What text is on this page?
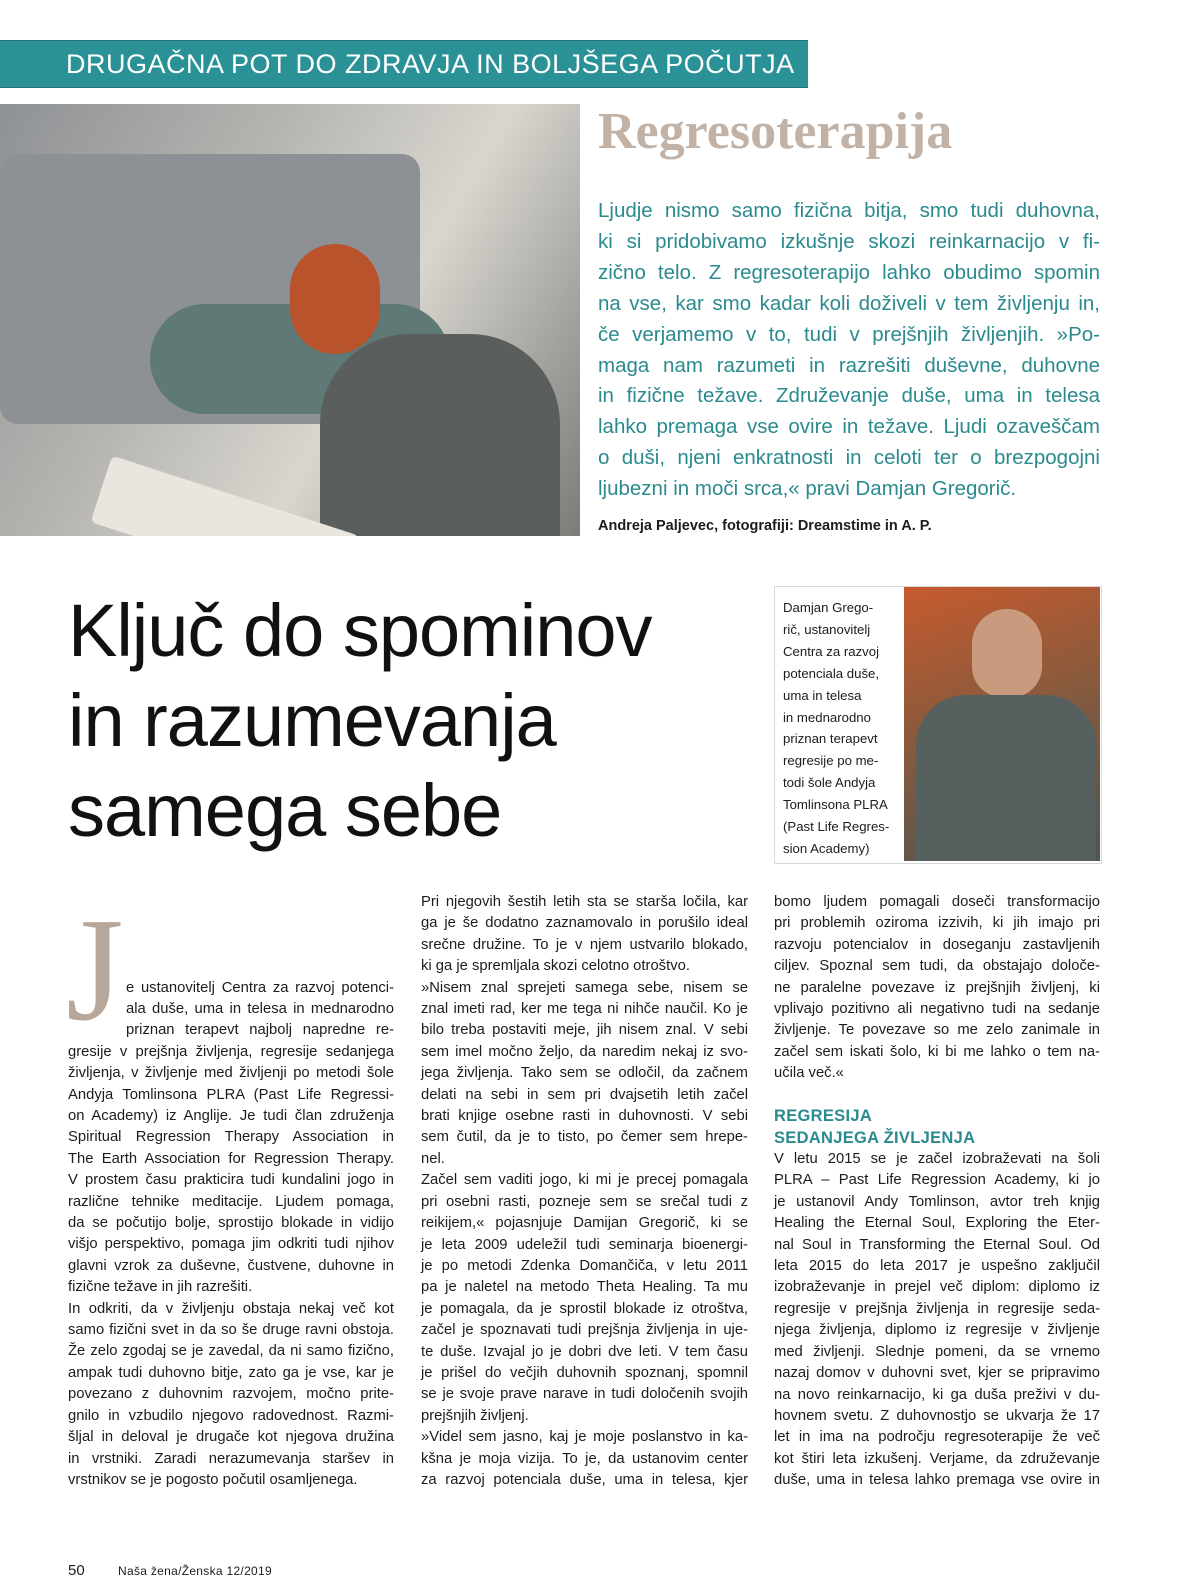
DRUGAČNA POT DO ZDRAVJA IN BOLJŠEGA POČUTJA
Regresoterapija

Ljudje nismo samo fizična bitja, smo tudi duhovna,
ki si pridobivamo izkušnje skozi reinkarnacijo v fi-
zično telo. Z regresoterapijo lahko obudimo spomin
na vse, kar smo kadar koli doživeli v tem življenju in,
če verjamemo v to, tudi v prejšnjih življenjih. »Po-
maga nam razumeti in razrešiti duševne, duhovne
in fizične težave. Združevanje duše, uma in telesa
lahko premaga vse ovire in težave. Ljudi ozaveščam
o duši, njeni enkratnosti in celoti ter o brezpogojni
ljubezni in moči srca,« pravi Damjan Gregorič.

Andreja Paljevec, fotografiji: Dreamstime in A. P.
Ključ do spominov
in razumevanja
samega sebe
Damjan Grego-
rič, ustanovitelj
Centra za razvoj
potenciala duše,
uma in telesa
in mednarodno
priznan terapevt
regresije po me-
todi šole Andyja
Tomlinsona PLRA
(Past Life Regres-
sion Academy)
J e ustanovitelj Centra za razvoj potenci-
ala duše, uma in telesa in mednarodno
priznan terapevt najbolj napredne re-
gresije v prejšnja življenja, regresije sedanjega
življenja, v življenje med življenji po metodi šole
Andyja Tomlinsona PLRA (Past Life Regressi-
on Academy) iz Anglije. Je tudi član združenja
Spiritual Regression Therapy Association in
The Earth Association for Regression Therapy.
V prostem času prakticira tudi kundalini jogo in
različne tehnike meditacije. Ljudem pomaga,
da se počutijo bolje, sprostijo blokade in vidijo
višjo perspektivo, pomaga jim odkriti tudi njihov
glavni vzrok za duševne, čustvene, duhovne in
fizične težave in jih razrešiti.
In odkriti, da v življenju obstaja nekaj več kot
samo fizični svet in da so še druge ravni obstoja.
Že zelo zgodaj se je zavedal, da ni samo fizično,
ampak tudi duhovno bitje, zato ga je vse, kar je
povezano z duhovnim razvojem, močno prite-
gnilo in vzbudilo njegovo radovednost. Razmi-
šljal in deloval je drugače kot njegova družina
in vrstniki. Zaradi nerazumevanja staršev in
vrstnikov se je pogosto počutil osamljenega.
Pri njegovih šestih letih sta se starša ločila, kar
ga je še dodatno zaznamovalo in porušilo ideal
srečne družine. To je v njem ustvarilo blokado,
ki ga je spremljala skozi celotno otroštvo.
»Nisem znal sprejeti samega sebe, nisem se
znal imeti rad, ker me tega ni nihče naučil. Ko je
bilo treba postaviti meje, jih nisem znal. V sebi
sem imel močno željo, da naredim nekaj iz svo-
jega življenja. Tako sem se odločil, da začnem
delati na sebi in sem pri dvajsetih letih začel
brati knjige osebne rasti in duhovnosti. V sebi
sem čutil, da je to tisto, po čemer sem hrepe-
nel.
Začel sem vaditi jogo, ki mi je precej pomagala
pri osebni rasti, pozneje sem se srečal tudi z
reikijem,« pojasnjuje Damijan Gregorič, ki se
je leta 2009 udeležil tudi seminarja bioenergi-
je po metodi Zdenka Domančiča, v letu 2011
pa je naletel na metodo Theta Healing. Ta mu
je pomagala, da je sprostil blokade iz otroštva,
začel je spoznavati tudi prejšnja življenja in uje-
te duše. Izvajal jo je dobri dve leti. V tem času
je prišel do večjih duhovnih spoznanj, spomnil
se je svoje prave narave in tudi določenih svojih
prejšnjih življenj.
»Videl sem jasno, kaj je moje poslanstvo in ka-
kšna je moja vizija. To je, da ustanovim center
za razvoj potenciala duše, uma in telesa, kjer
bomo ljudem pomagali doseči transformacijo
pri problemih oziroma izzivih, ki jih imajo pri
razvoju potencialov in doseganju zastavljenih
ciljev. Spoznal sem tudi, da obstajajo določe-
ne paralelne povezave iz prejšnjih življenj, ki
vplivajo pozitivno ali negativno tudi na sedanje
življenje. Te povezave so me zelo zanimale in
začel sem iskati šolo, ki bi me lahko o tem na-
učila več.«
REGRESIJA
SEDANJEGA ŽIVLJENJA
V letu 2015 se je začel izobraževati na šoli
PLRA – Past Life Regression Academy, ki jo
je ustanovil Andy Tomlinson, avtor treh knjig
Healing the Eternal Soul, Exploring the Eter-
nal Soul in Transforming the Eternal Soul. Od
leta 2015 do leta 2017 je uspešno zaključil
izobraževanje in prejel več diplom: diplomo iz
regresije v prejšnja življenja in regresije seda-
njega življenja, diplomo iz regresije v življenje
med življenji. Slednje pomeni, da se vrnemo
nazaj domov v duhovni svet, kjer se pripravimo
na novo reinkarnacijo, ki ga duša preživi v du-
hovnem svetu. Z duhovnostjo se ukvarja že 17
let in ima na področju regresoterapije že več
kot štiri leta izkušenj. Verjame, da združevanje
duše, uma in telesa lahko premaga vse ovire in
50	Naša žena/Ženska 12/2019
